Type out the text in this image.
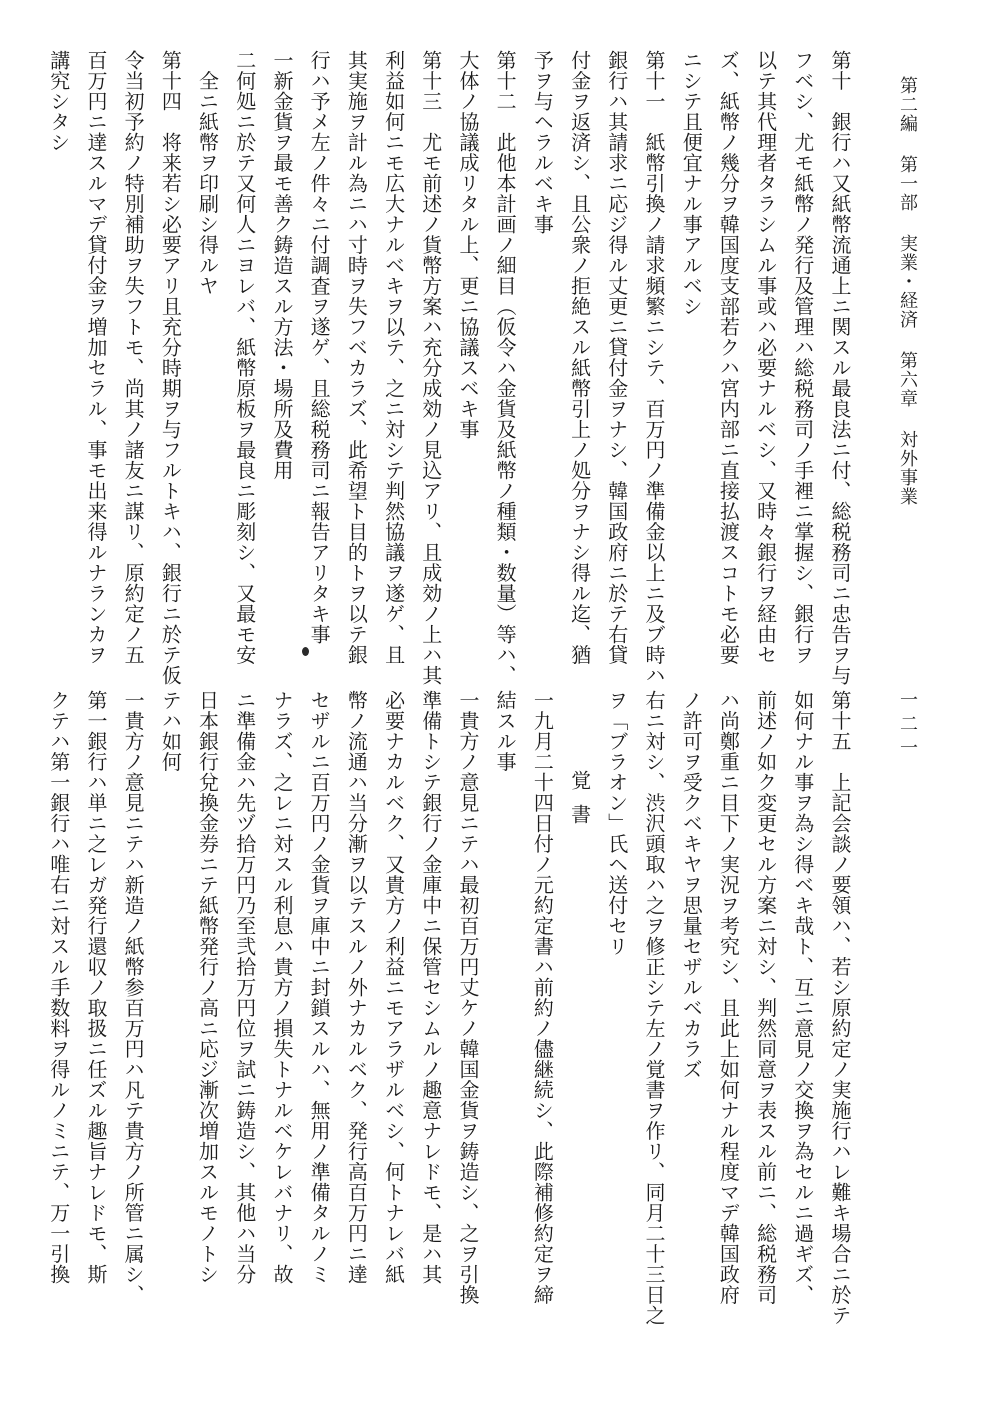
第二編
第一部
実業・経済
第六章
対外事業
一二一
第十　銀行ハ又紙幣流通上ニ関スル最良法ニ付、総税務司ニ忠告ヲ与
フベシ、尤モ紙幣ノ発行及管理ハ総税務司ノ手裡ニ掌握シ、銀行ヲ
以テ其代理者タラシムル事或ハ必要ナルベシ、又時々銀行ヲ経由セ
ズ、紙幣ノ幾分ヲ韓国度支部若クハ宮内部ニ直接払渡スコトモ必要
ニシテ且便宜ナル事アルベシ
第十一　紙幣引換ノ請求頻繁ニシテ、百万円ノ準備金以上ニ及ブ時ハ
銀行ハ其請求ニ応ジ得ル丈更ニ貸付金ヲナシ、韓国政府ニ於テ右貸
付金ヲ返済シ、且公衆ノ拒絶スル紙幣引上ノ処分ヲナシ得ル迄、猶
予ヲ与ヘラルベキ事
第十二　此他本計画ノ細目（仮令ハ金貨及紙幣ノ種類・数量）等ハ、
大体ノ協議成リタル上、更ニ協議スベキ事
第十三　尤モ前述ノ貨幣方案ハ充分成効ノ見込アリ、且成効ノ上ハ其
利益如何ニモ広大ナルベキヲ以テ、之ニ対シテ判然協議ヲ遂ゲ、且
其実施ヲ計ル為ニハ寸時ヲ失フベカラズ、此希望ト目的トヲ以テ銀
行ハ予メ左ノ件々ニ付調査ヲ遂ゲ、且総税務司ニ報告アリタキ事
一新金貨ヲ最モ善ク鋳造スル方法・場所及費用
二何処ニ於テ又何人ニヨレバ、紙幣原板ヲ最良ニ彫刻シ、又最モ安
　全ニ紙幣ヲ印刷シ得ルヤ
第十四　将来若シ必要アリ且充分時期ヲ与フルトキハ、銀行ニ於テ仮
令当初予約ノ特別補助ヲ失フトモ、尚其ノ諸友ニ謀リ、原約定ノ五
百万円ニ達スルマデ貸付金ヲ増加セラル、事モ出来得ルナランカヲ
講究シタシ
第十五　上記会談ノ要領ハ、若シ原約定ノ実施行ハレ難キ場合ニ於テ
如何ナル事ヲ為シ得ベキ哉ト、互ニ意見ノ交換ヲ為セルニ過ギズ、
前述ノ如ク変更セル方案ニ対シ、判然同意ヲ表スル前ニ、総税務司
ハ尚鄭重ニ目下ノ実況ヲ考究シ、且此上如何ナル程度マデ韓国政府
ノ許可ヲ受クベキヤヲ思量セザルベカラズ
右ニ対シ、渋沢頭取ハ之ヲ修正シテ左ノ覚書ヲ作リ、同月二十三日之
ヲ「ブラオン」氏ヘ送付セリ
覚書
一九月二十四日付ノ元約定書ハ前約ノ儘継続シ、此際補修約定ヲ締
結スル事
一貴方ノ意見ニテハ最初百万円丈ケノ韓国金貨ヲ鋳造シ、之ヲ引換
準備トシテ銀行ノ金庫中ニ保管セシムルノ趣意ナレドモ、是ハ其
必要ナカルベク、又貴方ノ利益ニモアラザルベシ、何トナレバ紙
幣ノ流通ハ当分漸ヲ以テスルノ外ナカルベク、発行高百万円ニ達
セザルニ百万円ノ金貨ヲ庫中ニ封鎖スルハ、無用ノ準備タルノミ
ナラズ、之レニ対スル利息ハ貴方ノ損失トナルベケレバナリ、故
ニ準備金ハ先ヅ拾万円乃至弐拾万円位ヲ試ニ鋳造シ、其他ハ当分
日本銀行兌換金券ニテ紙幣発行ノ高ニ応ジ漸次増加スルモノトシ
テハ如何
一貴方ノ意見ニテハ新造ノ紙幣参百万円ハ凡テ貴方ノ所管ニ属シ、
第一銀行ハ単ニ之レガ発行還収ノ取扱ニ任ズル趣旨ナレドモ、斯
クテハ第一銀行ハ唯右ニ対スル手数料ヲ得ルノミニテ、万一引換
